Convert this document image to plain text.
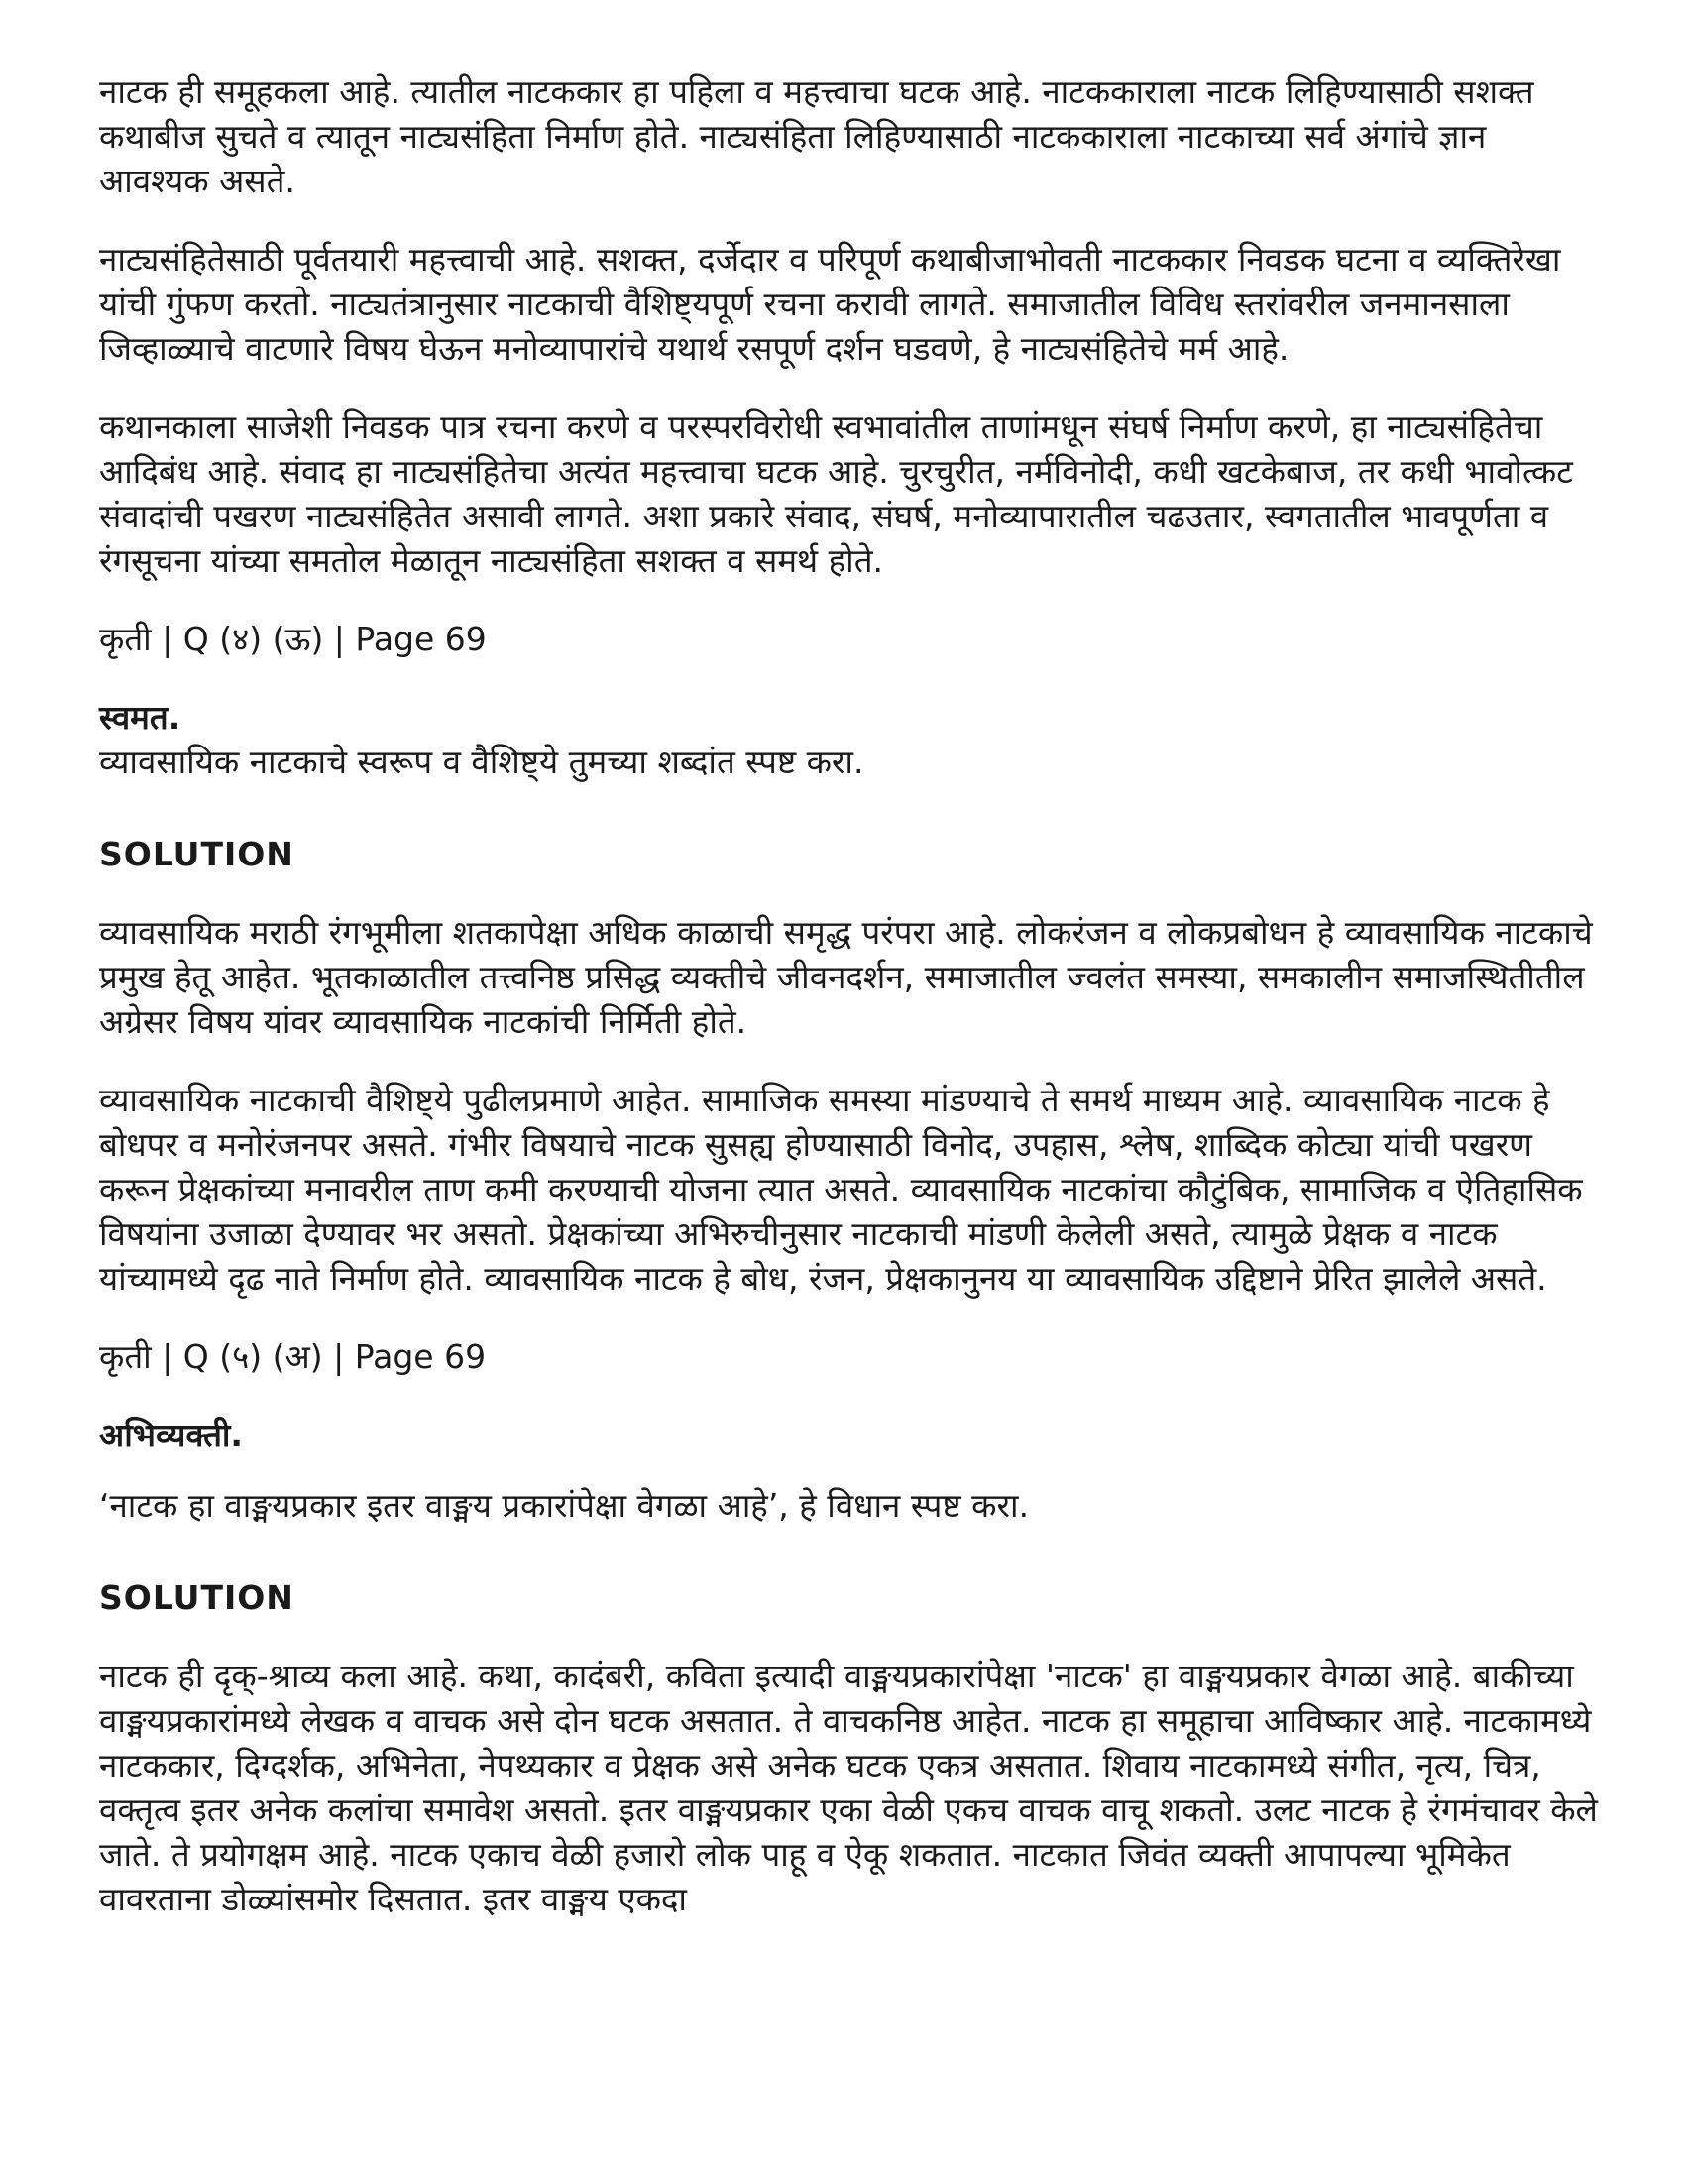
नाटक ही समूहकला आहे. त्यातील नाटककार हा पहिला व महत्त्वाचा घटक आहे. नाटककाराला नाटक लिहिण्यासाठी सशक्त कथाबीज सुचते व त्यातून नाट्यसंहिता निर्माण होते. नाट्यसंहिता लिहिण्यासाठी नाटककाराला नाटकाच्या सर्व अंगांचे ज्ञान आवश्यक असते.

नाट्यसंहितेसाठी पूर्वतयारी महत्त्वाची आहे. सशक्त, दर्जेदार व परिपूर्ण कथाबीजाभोवती नाटककार निवडक घटना व व्यक्तिरेखा यांची गुंफण करतो. नाट्यतंत्रानुसार नाटकाची वैशिष्ट्यपूर्ण रचना करावी लागते. समाजातील विविध स्तरांवरील जनमानसाला जिव्हाळ्याचे वाटणारे विषय घेऊन मनोव्यापारांचे यथार्थ रसपूर्ण दर्शन घडवणे, हे नाट्यसंहितेचे मर्म आहे.

कथानकाला साजेशी निवडक पात्र रचना करणे व परस्परविरोधी स्वभावांतील ताणांमधून संघर्ष निर्माण करणे, हा नाट्यसंहितेचा आदिबंध आहे. संवाद हा नाट्यसंहितेचा अत्यंत महत्त्वाचा घटक आहे. चुरचुरीत, नर्मविनोदी, कधी खटकेबाज, तर कधी भावोत्कट संवादांची पखरण नाट्यसंहितेत असावी लागते. अशा प्रकारे संवाद, संघर्ष, मनोव्यापारातील चढउतार, स्वगतातील भावपूर्णता व रंगसूचना यांच्या समतोल मेळातून नाट्यसंहिता सशक्त व समर्थ होते.

कृती | Q (४) (ऊ) | Page 69

स्वमत.

व्यावसायिक नाटकाचे स्वरूप व वैशिष्ट्ये तुमच्या शब्दांत स्पष्ट करा.

SOLUTION

व्यावसायिक मराठी रंगभूमीला शतकापेक्षा अधिक काळाची समृद्ध परंपरा आहे. लोकरंजन व लोकप्रबोधन हे व्यावसायिक नाटकाचे प्रमुख हेतू आहेत. भूतकाळातील तत्त्वनिष्ठ प्रसिद्ध व्यक्तीचे जीवनदर्शन, समाजातील ज्वलंत समस्या, समकालीन समाजस्थितीतील अग्रेसर विषय यांवर व्यावसायिक नाटकांची निर्मिती होते.

व्यावसायिक नाटकाची वैशिष्ट्ये पुढीलप्रमाणे आहेत. सामाजिक समस्या मांडण्याचे ते समर्थ माध्यम आहे. व्यावसायिक नाटक हे बोधपर व मनोरंजनपर असते. गंभीर विषयाचे नाटक सुसह्य होण्यासाठी विनोद, उपहास, श्लेष, शाब्दिक कोट्या यांची पखरण करून प्रेक्षकांच्या मनावरील ताण कमी करण्याची योजना त्यात असते. व्यावसायिक नाटकांचा कौटुंबिक, सामाजिक व ऐतिहासिक विषयांना उजाळा देण्यावर भर असतो. प्रेक्षकांच्या अभिरुचीनुसार नाटकाची मांडणी केलेली असते, त्यामुळे प्रेक्षक व नाटक यांच्यामध्ये दृढ नाते निर्माण होते. व्यावसायिक नाटक हे बोध, रंजन, प्रेक्षकानुनय या व्यावसायिक उद्दिष्टाने प्रेरित झालेले असते.

कृती | Q (५) (अ) | Page 69

अभिव्यक्ती.

‘नाटक हा वाङ्मयप्रकार इतर वाङ्मय प्रकारांपेक्षा वेगळा आहे’, हे विधान स्पष्ट करा.

SOLUTION

नाटक ही दृक्-श्राव्य कला आहे. कथा, कादंबरी, कविता इत्यादी वाङ्मयप्रकारांपेक्षा 'नाटक' हा वाङ्मयप्रकार वेगळा आहे. बाकीच्या वाङ्मयप्रकारांमध्ये लेखक व वाचक असे दोन घटक असतात. ते वाचकनिष्ठ आहेत. नाटक हा समूहाचा आविष्कार आहे. नाटकामध्ये नाटककार, दिग्दर्शक, अभिनेता, नेपथ्यकार व प्रेक्षक असे अनेक घटक एकत्र असतात. शिवाय नाटकामध्ये संगीत, नृत्य, चित्र, वक्तृत्व इतर अनेक कलांचा समावेश असतो. इतर वाङ्मयप्रकार एका वेळी एकच वाचक वाचू शकतो. उलट नाटक हे रंगमंचावर केले जाते. ते प्रयोगक्षम आहे. नाटक एकाच वेळी हजारो लोक पाहू व ऐकू शकतात. नाटकात जिवंत व्यक्ती आपापल्या भूमिकेत वावरताना डोळ्यांसमोर दिसतात. इतर वाङ्मय एकदा
